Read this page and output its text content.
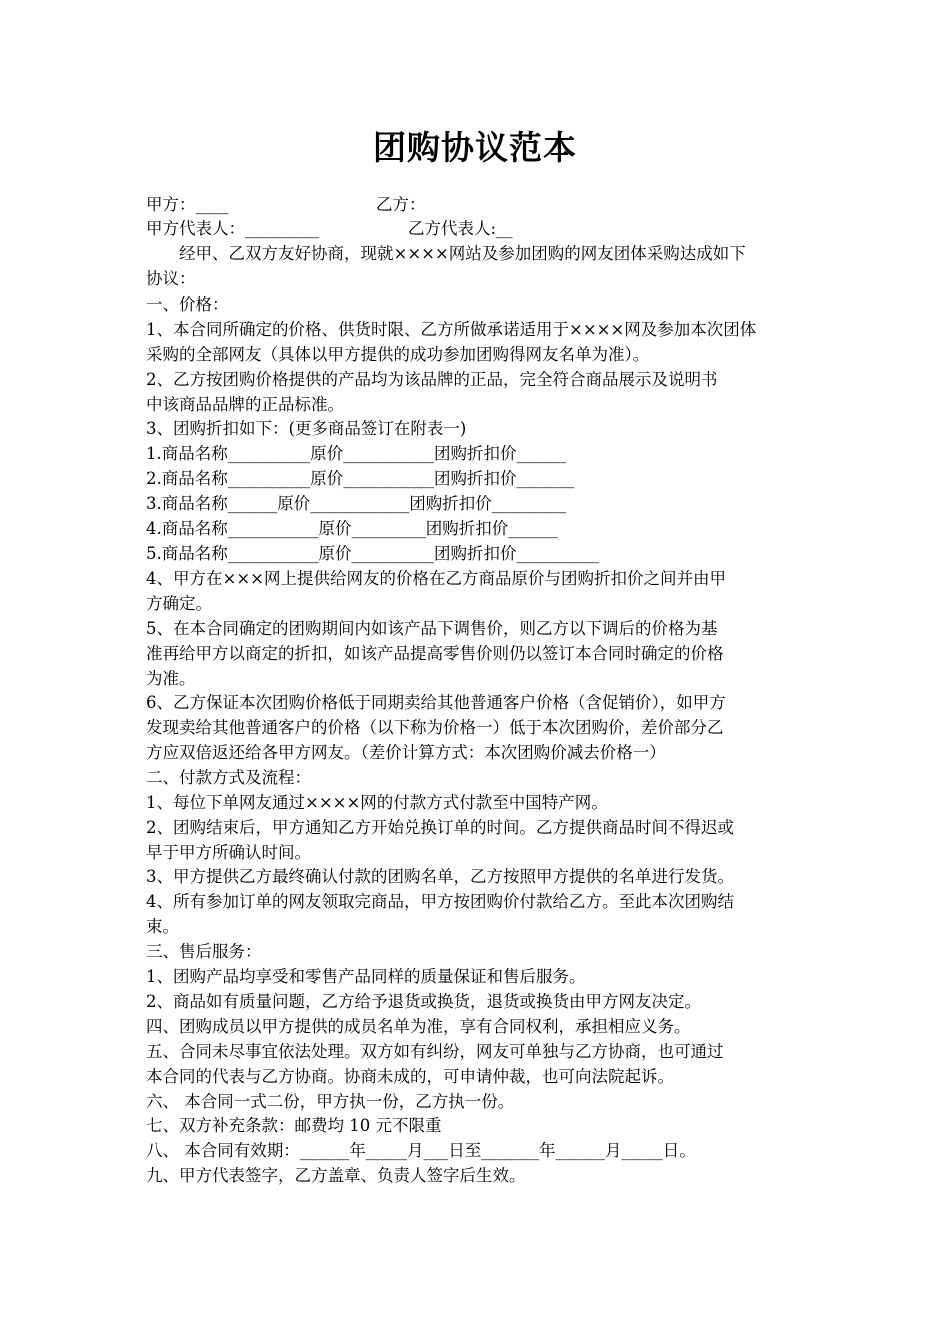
团购协议范本
甲方：____	乙方：
甲方代表人：_________	乙方代表人:__
　　经甲、乙双方友好协商，现就××××网站及参加团购的网友团体采购达成如下
协议：
一、价格：
1、本合同所确定的价格、供货时限、乙方所做承诺适用于××××网及参加本次团体
采购的全部网友（具体以甲方提供的成功参加团购得网友名单为准）。
2、乙方按团购价格提供的产品均为该品牌的正品，完全符合商品展示及说明书
中该商品品牌的正品标准。
3、团购折扣如下：(更多商品签订在附表一)
1.商品名称__________原价___________团购折扣价______
2.商品名称__________原价___________团购折扣价_______
3.商品名称______原价____________团购折扣价_________
4.商品名称___________原价_________团购折扣价______
5.商品名称___________原价__________团购折扣价__________
4、甲方在×××网上提供给网友的价格在乙方商品原价与团购折扣价之间并由甲
方确定。
5、在本合同确定的团购期间内如该产品下调售价，则乙方以下调后的价格为基
准再给甲方以商定的折扣，如该产品提高零售价则仍以签订本合同时确定的价格
为准。
6、乙方保证本次团购价格低于同期卖给其他普通客户价格（含促销价），如甲方
发现卖给其他普通客户的价格（以下称为价格一）低于本次团购价，差价部分乙
方应双倍返还给各甲方网友。（差价计算方式：本次团购价减去价格一）
二、付款方式及流程：
1、每位下单网友通过××××网的付款方式付款至中国特产网。
2、团购结束后，甲方通知乙方开始兑换订单的时间。乙方提供商品时间不得迟或
早于甲方所确认时间。
3、甲方提供乙方最终确认付款的团购名单，乙方按照甲方提供的名单进行发货。
4、所有参加订单的网友领取完商品，甲方按团购价付款给乙方。至此本次团购结
束。
三、售后服务：
1、团购产品均享受和零售产品同样的质量保证和售后服务。
2、商品如有质量问题，乙方给予退货或换货，退货或换货由甲方网友决定。
四、团购成员以甲方提供的成员名单为准，享有合同权利，承担相应义务。
五、合同未尽事宜依法处理。双方如有纠纷，网友可单独与乙方协商，也可通过
本合同的代表与乙方协商。协商未成的，可申请仲裁，也可向法院起诉。
六、 本合同一式二份，甲方执一份，乙方执一份。
七、双方补充条款：邮费均 10 元不限重
八、 本合同有效期：______年_____月___日至_______年______月_____日。
九、甲方代表签字，乙方盖章、负责人签字后生效。
